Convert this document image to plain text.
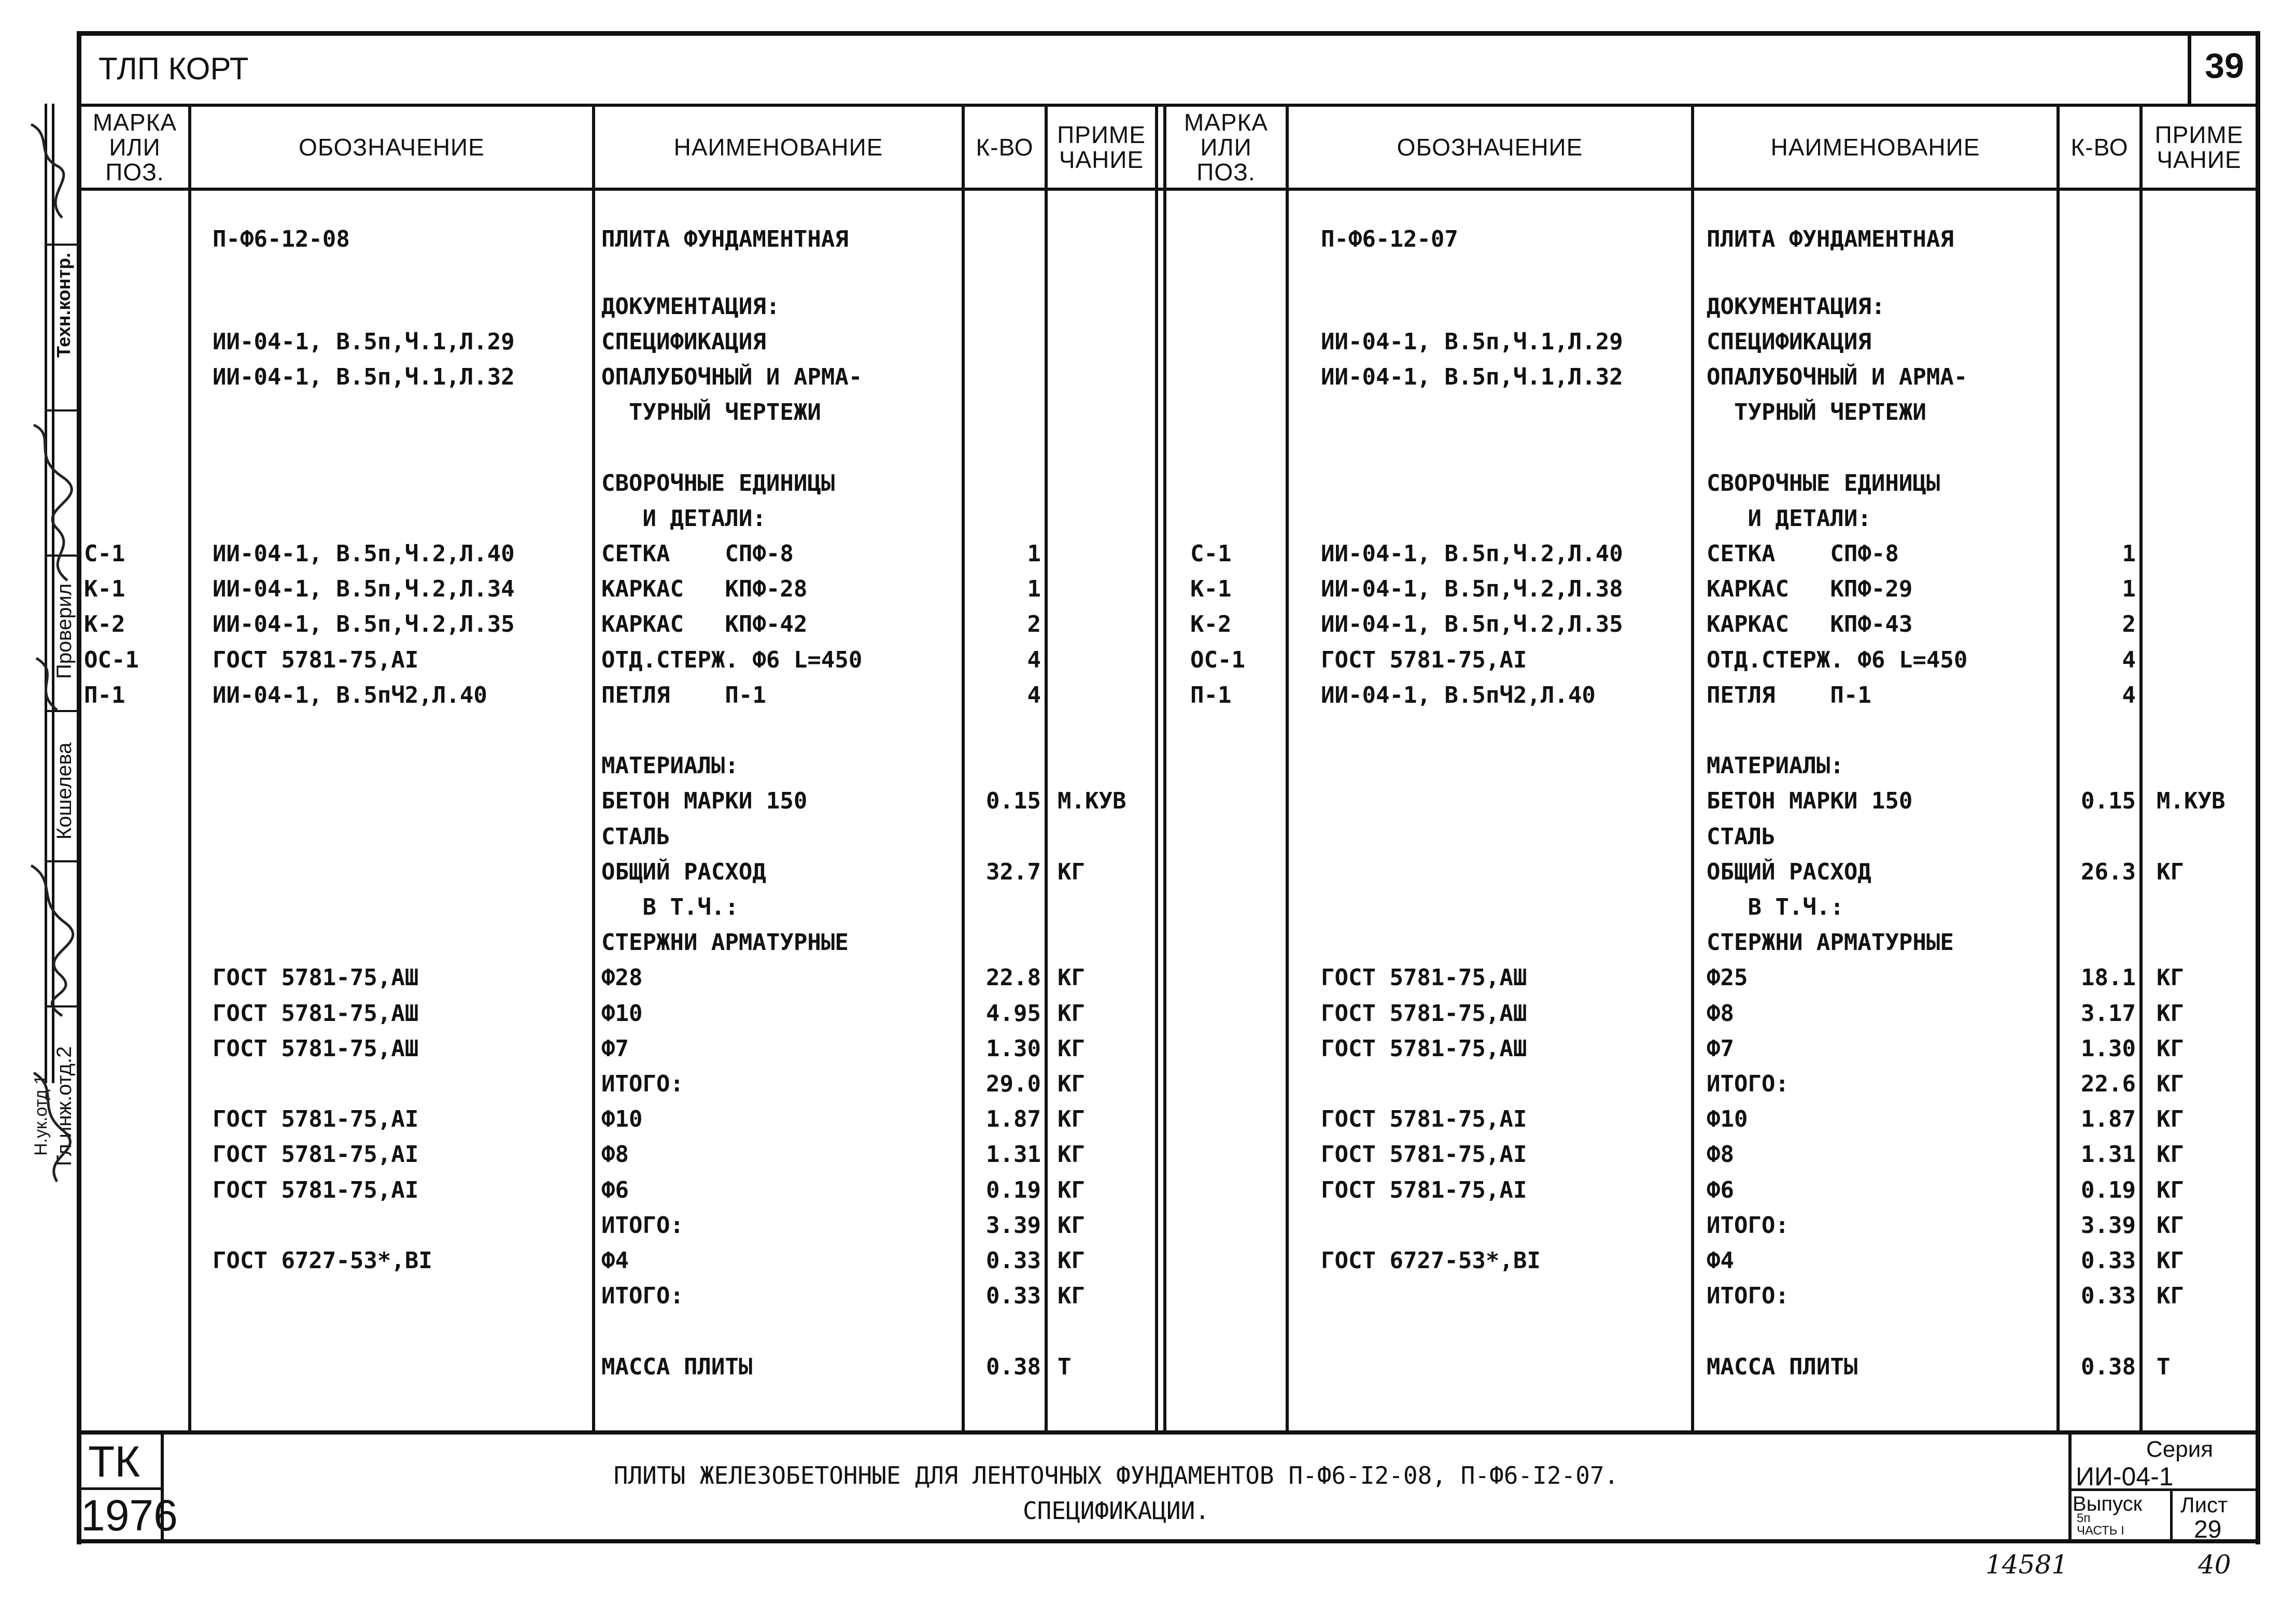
39
ТЛП КОРТ
МАРКА
ИЛИ
ПОЗ.
ОБОЗНАЧЕНИЕ	НАИМЕНОВАНИЕ	К-ВО ПРИМЕ
ЧАНИЕ
МАРКА
ИЛИ
ПОЗ.
ОБОЗНАЧЕНИЕ	НАИМЕНОВАНИЕ	К-ВО	ПРИМЕ
ЧАНИЕ
П-Ф6-12-08	ПЛИТА ФУНДАМЕНТНАЯ
ДОКУМЕНТАЦИЯ:
ИИ-04-1, В.5п,Ч.1,Л.29	СПЕЦИФИКАЦИЯ
ИИ-04-1, В.5п,Ч.1,Л.32	ОПАЛУБОЧНЫЙ И АРМА-
ТУРНЫЙ ЧЕРТЕЖИ
СВОРОЧНЫЕ ЕДИНИЦЫ
И ДЕТАЛИ:
С-1	ИИ-04-1, В.5п,Ч.2,Л.40	СЕТКА    СПФ-8	1
К-1	ИИ-04-1, В.5п,Ч.2,Л.34	КАРКАС   КПФ-28	1
К-2	ИИ-04-1, В.5п,Ч.2,Л.35	КАРКАС   КПФ-42	2
ОС-1	ГОСТ 5781-75,АI	ОТД.СТЕРЖ. Ф6 L=450	4
П-1	ИИ-04-1, В.5пЧ2,Л.40	ПЕТЛЯ    П-1	4
МАТЕРИАЛЫ:
БЕТОН МАРКИ 150	0.15 М.КУВ
СТАЛЬ
ОБЩИЙ РАСХОД	32.7 КГ
В Т.Ч.:
СТЕРЖНИ АРМАТУРНЫЕ
ГОСТ 5781-75,АШ	Ф28	22.8 КГ
ГОСТ 5781-75,АШ	Ф10	4.95 КГ
ГОСТ 5781-75,АШ	Ф7	1.30 КГ
ИТОГО:	29.0 КГ
ГОСТ 5781-75,АI	Ф10	1.87 КГ
ГОСТ 5781-75,АI	Ф8	1.31 КГ
ГОСТ 5781-75,АI	Ф6	0.19 КГ
ИТОГО:	3.39 КГ
ГОСТ 6727-53*,ВI	Ф4	0.33 КГ
ИТОГО:	0.33 КГ
МАССА ПЛИТЫ	0.38 Т
П-Ф6-12-07	ПЛИТА ФУНДАМЕНТНАЯ
ДОКУМЕНТАЦИЯ:
ИИ-04-1, В.5п,Ч.1,Л.29	СПЕЦИФИКАЦИЯ
ИИ-04-1, В.5п,Ч.1,Л.32	ОПАЛУБОЧНЫЙ И АРМА-
ТУРНЫЙ ЧЕРТЕЖИ
СВОРОЧНЫЕ ЕДИНИЦЫ
И ДЕТАЛИ:
С-1	ИИ-04-1, В.5п,Ч.2,Л.40	СЕТКА    СПФ-8	1
К-1	ИИ-04-1, В.5п,Ч.2,Л.38	КАРКАС   КПФ-29	1
К-2	ИИ-04-1, В.5п,Ч.2,Л.35	КАРКАС   КПФ-43	2
ОС-1	ГОСТ 5781-75,АI	ОТД.СТЕРЖ. Ф6 L=450	4
П-1	ИИ-04-1, В.5пЧ2,Л.40	ПЕТЛЯ    П-1	4
МАТЕРИАЛЫ:
БЕТОН МАРКИ 150	0.15 М.КУВ
СТАЛЬ
ОБЩИЙ РАСХОД	26.3 КГ
В Т.Ч.:
СТЕРЖНИ АРМАТУРНЫЕ
ГОСТ 5781-75,АШ	Ф25	18.1 КГ
ГОСТ 5781-75,АШ	Ф8	3.17 КГ
ГОСТ 5781-75,АШ	Ф7	1.30 КГ
ИТОГО:	22.6 КГ
ГОСТ 5781-75,АI	Ф10	1.87 КГ
ГОСТ 5781-75,АI	Ф8	1.31 КГ
ГОСТ 5781-75,АI	Ф6	0.19 КГ
ИТОГО:	3.39 КГ
ГОСТ 6727-53*,ВI	Ф4	0.33 КГ
ИТОГО:	0.33 КГ
МАССА ПЛИТЫ	0.38 Т
ТК
1976
ПЛИТЫ ЖЕЛЕЗОБЕТОННЫЕ ДЛЯ ЛЕНТОЧНЫХ ФУНДАМЕНТОВ П-Ф6-I2-08, П-Ф6-I2-07.
СПЕЦИФИКАЦИИ.
Серия
ИИ-04-1
Выпуск
5п
ЧАСТЬ I
Лист
29
Техн.контр.
Проверил
Кошелева
Гл.инж.отд.2
Н.ук.отд.1
14581	40
